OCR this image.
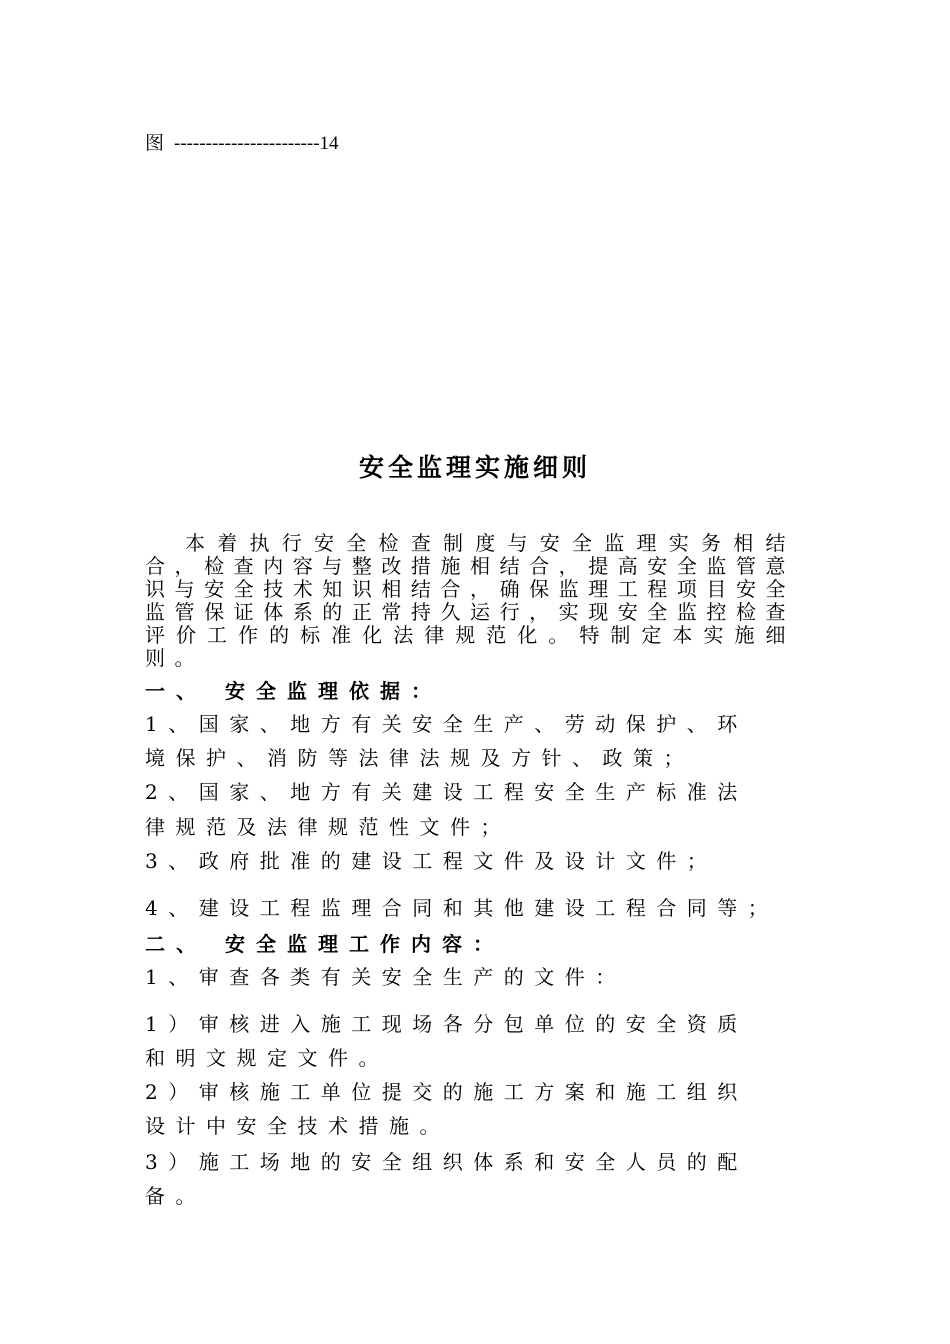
图 -----------------------14
安全监理实施细则
本着执行安全检查制度与安全监理实务相结合，检查内容与整改措施相结合，提高安全监管意识与安全技术知识相结合，确保监理工程项目安全监管保证体系的正常持久运行，实现安全监控检查评价工作的标准化法律规范化。特制定本实施细则。
一、 安全监理依据：
1、国家、地方有关安全生产、劳动保护、环
境保护、消防等法律法规及方针、政策；
2、国家、地方有关建设工程安全生产标准法
律规范及法律规范性文件；
3、政府批准的建设工程文件及设计文件；
4、建设工程监理合同和其他建设工程合同等；
二、 安全监理工作内容：
1、审查各类有关安全生产的文件：
1）审核进入施工现场各分包单位的安全资质
和明文规定文件。
2）审核施工单位提交的施工方案和施工组织
设计中安全技术措施。
3）施工场地的安全组织体系和安全人员的配
备。
